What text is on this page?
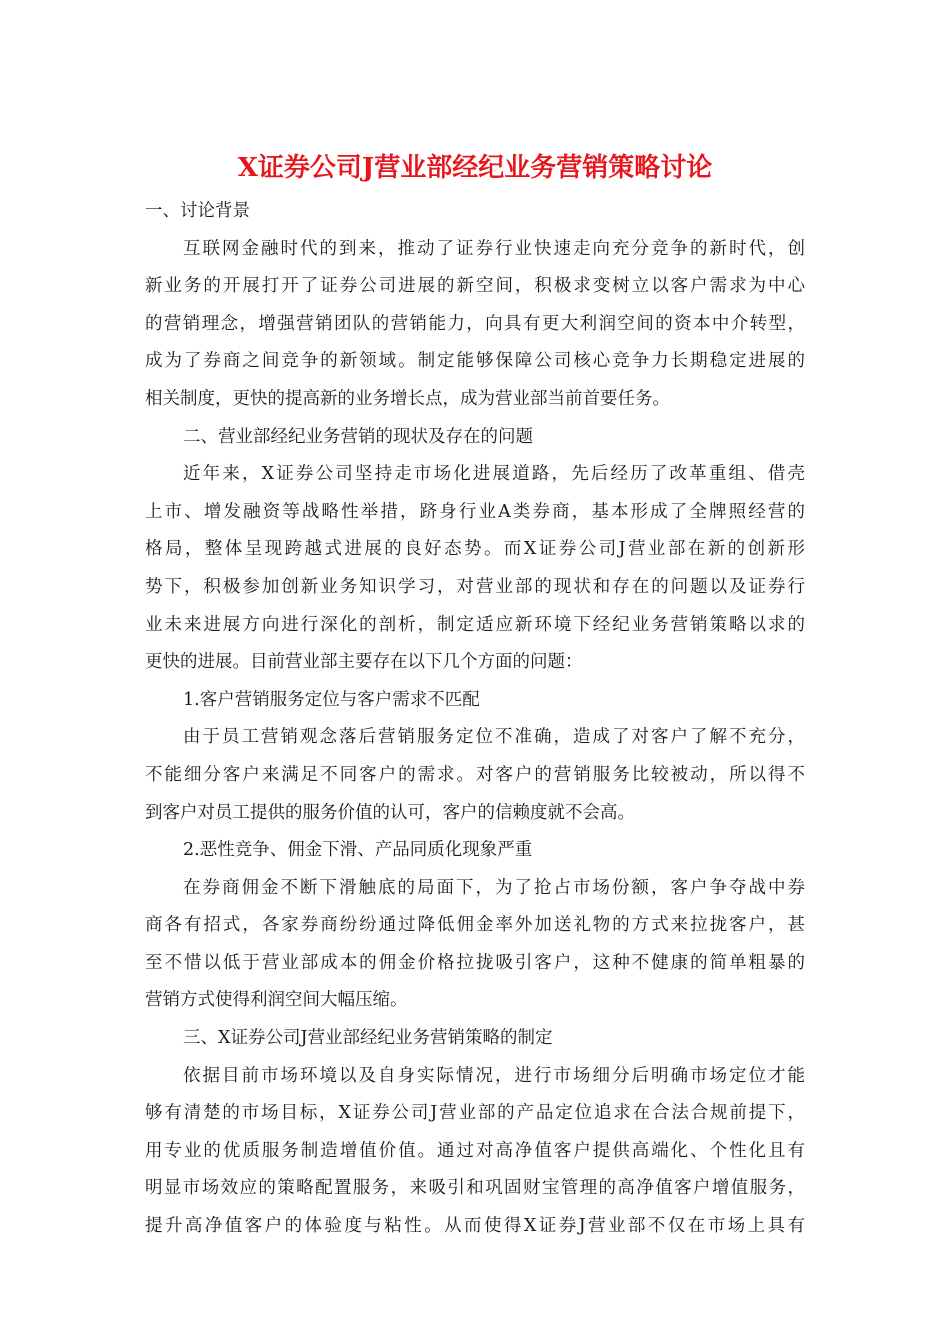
X证券公司J营业部经纪业务营销策略讨论
一、讨论背景
互联网金融时代的到来，推动了证券行业快速走向充分竞争的新时代，创
新业务的开展打开了证券公司进展的新空间，积极求变树立以客户需求为中心
的营销理念，增强营销团队的营销能力，向具有更大利润空间的资本中介转型，
成为了券商之间竞争的新领域。制定能够保障公司核心竞争力长期稳定进展的
相关制度，更快的提高新的业务增长点，成为营业部当前首要任务。
二、营业部经纪业务营销的现状及存在的问题
近年来，X证券公司坚持走市场化进展道路，先后经历了改革重组、借壳
上市、增发融资等战略性举措，跻身行业A类券商，基本形成了全牌照经营的
格局，整体呈现跨越式进展的良好态势。而X证券公司J营业部在新的创新形
势下，积极参加创新业务知识学习，对营业部的现状和存在的问题以及证券行
业未来进展方向进行深化的剖析，制定适应新环境下经纪业务营销策略以求的
更快的进展。目前营业部主要存在以下几个方面的问题：
1.客户营销服务定位与客户需求不匹配
由于员工营销观念落后营销服务定位不准确，造成了对客户了解不充分，
不能细分客户来满足不同客户的需求。对客户的营销服务比较被动，所以得不
到客户对员工提供的服务价值的认可，客户的信赖度就不会高。
2.恶性竞争、佣金下滑、产品同质化现象严重
在券商佣金不断下滑触底的局面下，为了抢占市场份额，客户争夺战中券
商各有招式，各家券商纷纷通过降低佣金率外加送礼物的方式来拉拢客户，甚
至不惜以低于营业部成本的佣金价格拉拢吸引客户，这种不健康的简单粗暴的
营销方式使得利润空间大幅压缩。
三、X证券公司J营业部经纪业务营销策略的制定
依据目前市场环境以及自身实际情况，进行市场细分后明确市场定位才能
够有清楚的市场目标，X证券公司J营业部的产品定位追求在合法合规前提下，
用专业的优质服务制造增值价值。通过对高净值客户提供高端化、个性化且有
明显市场效应的策略配置服务，来吸引和巩固财宝管理的高净值客户增值服务，
提升高净值客户的体验度与粘性。从而使得X证券J营业部不仅在市场上具有
